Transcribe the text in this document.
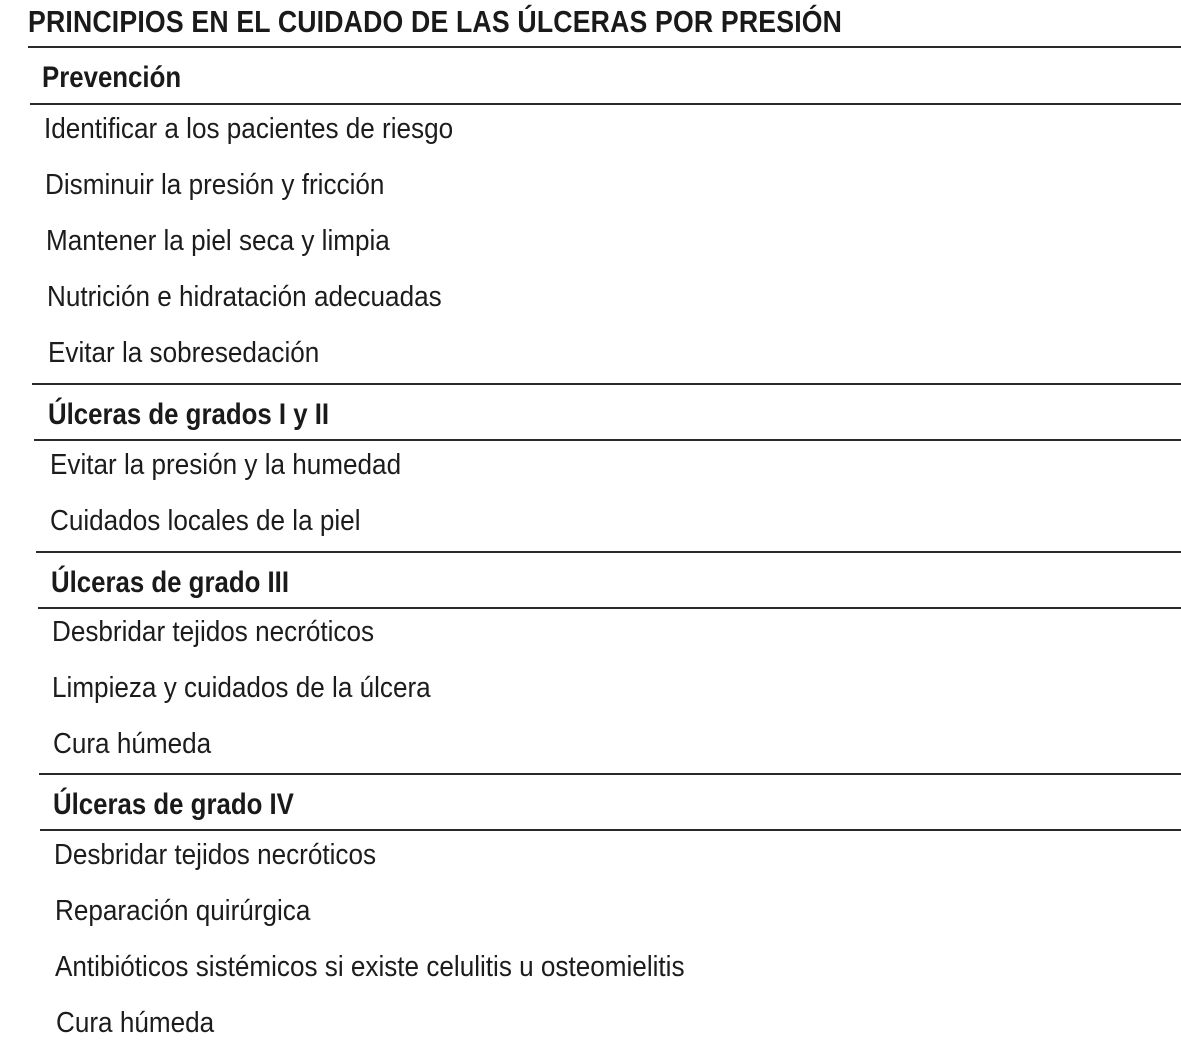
PRINCIPIOS EN EL CUIDADO DE LAS ÚLCERAS POR PRESIÓN
Prevención
Identificar a los pacientes de riesgo
Disminuir la presión y fricción
Mantener la piel seca y limpia
Nutrición e hidratación adecuadas
Evitar la sobresedación
Úlceras de grados I y II
Evitar la presión y la humedad
Cuidados locales de la piel
Úlceras de grado III
Desbridar tejidos necróticos
Limpieza y cuidados de la úlcera
Cura húmeda
Úlceras de grado IV
Desbridar tejidos necróticos
Reparación quirúrgica
Antibióticos sistémicos si existe celulitis u osteomielitis
Cura húmeda
